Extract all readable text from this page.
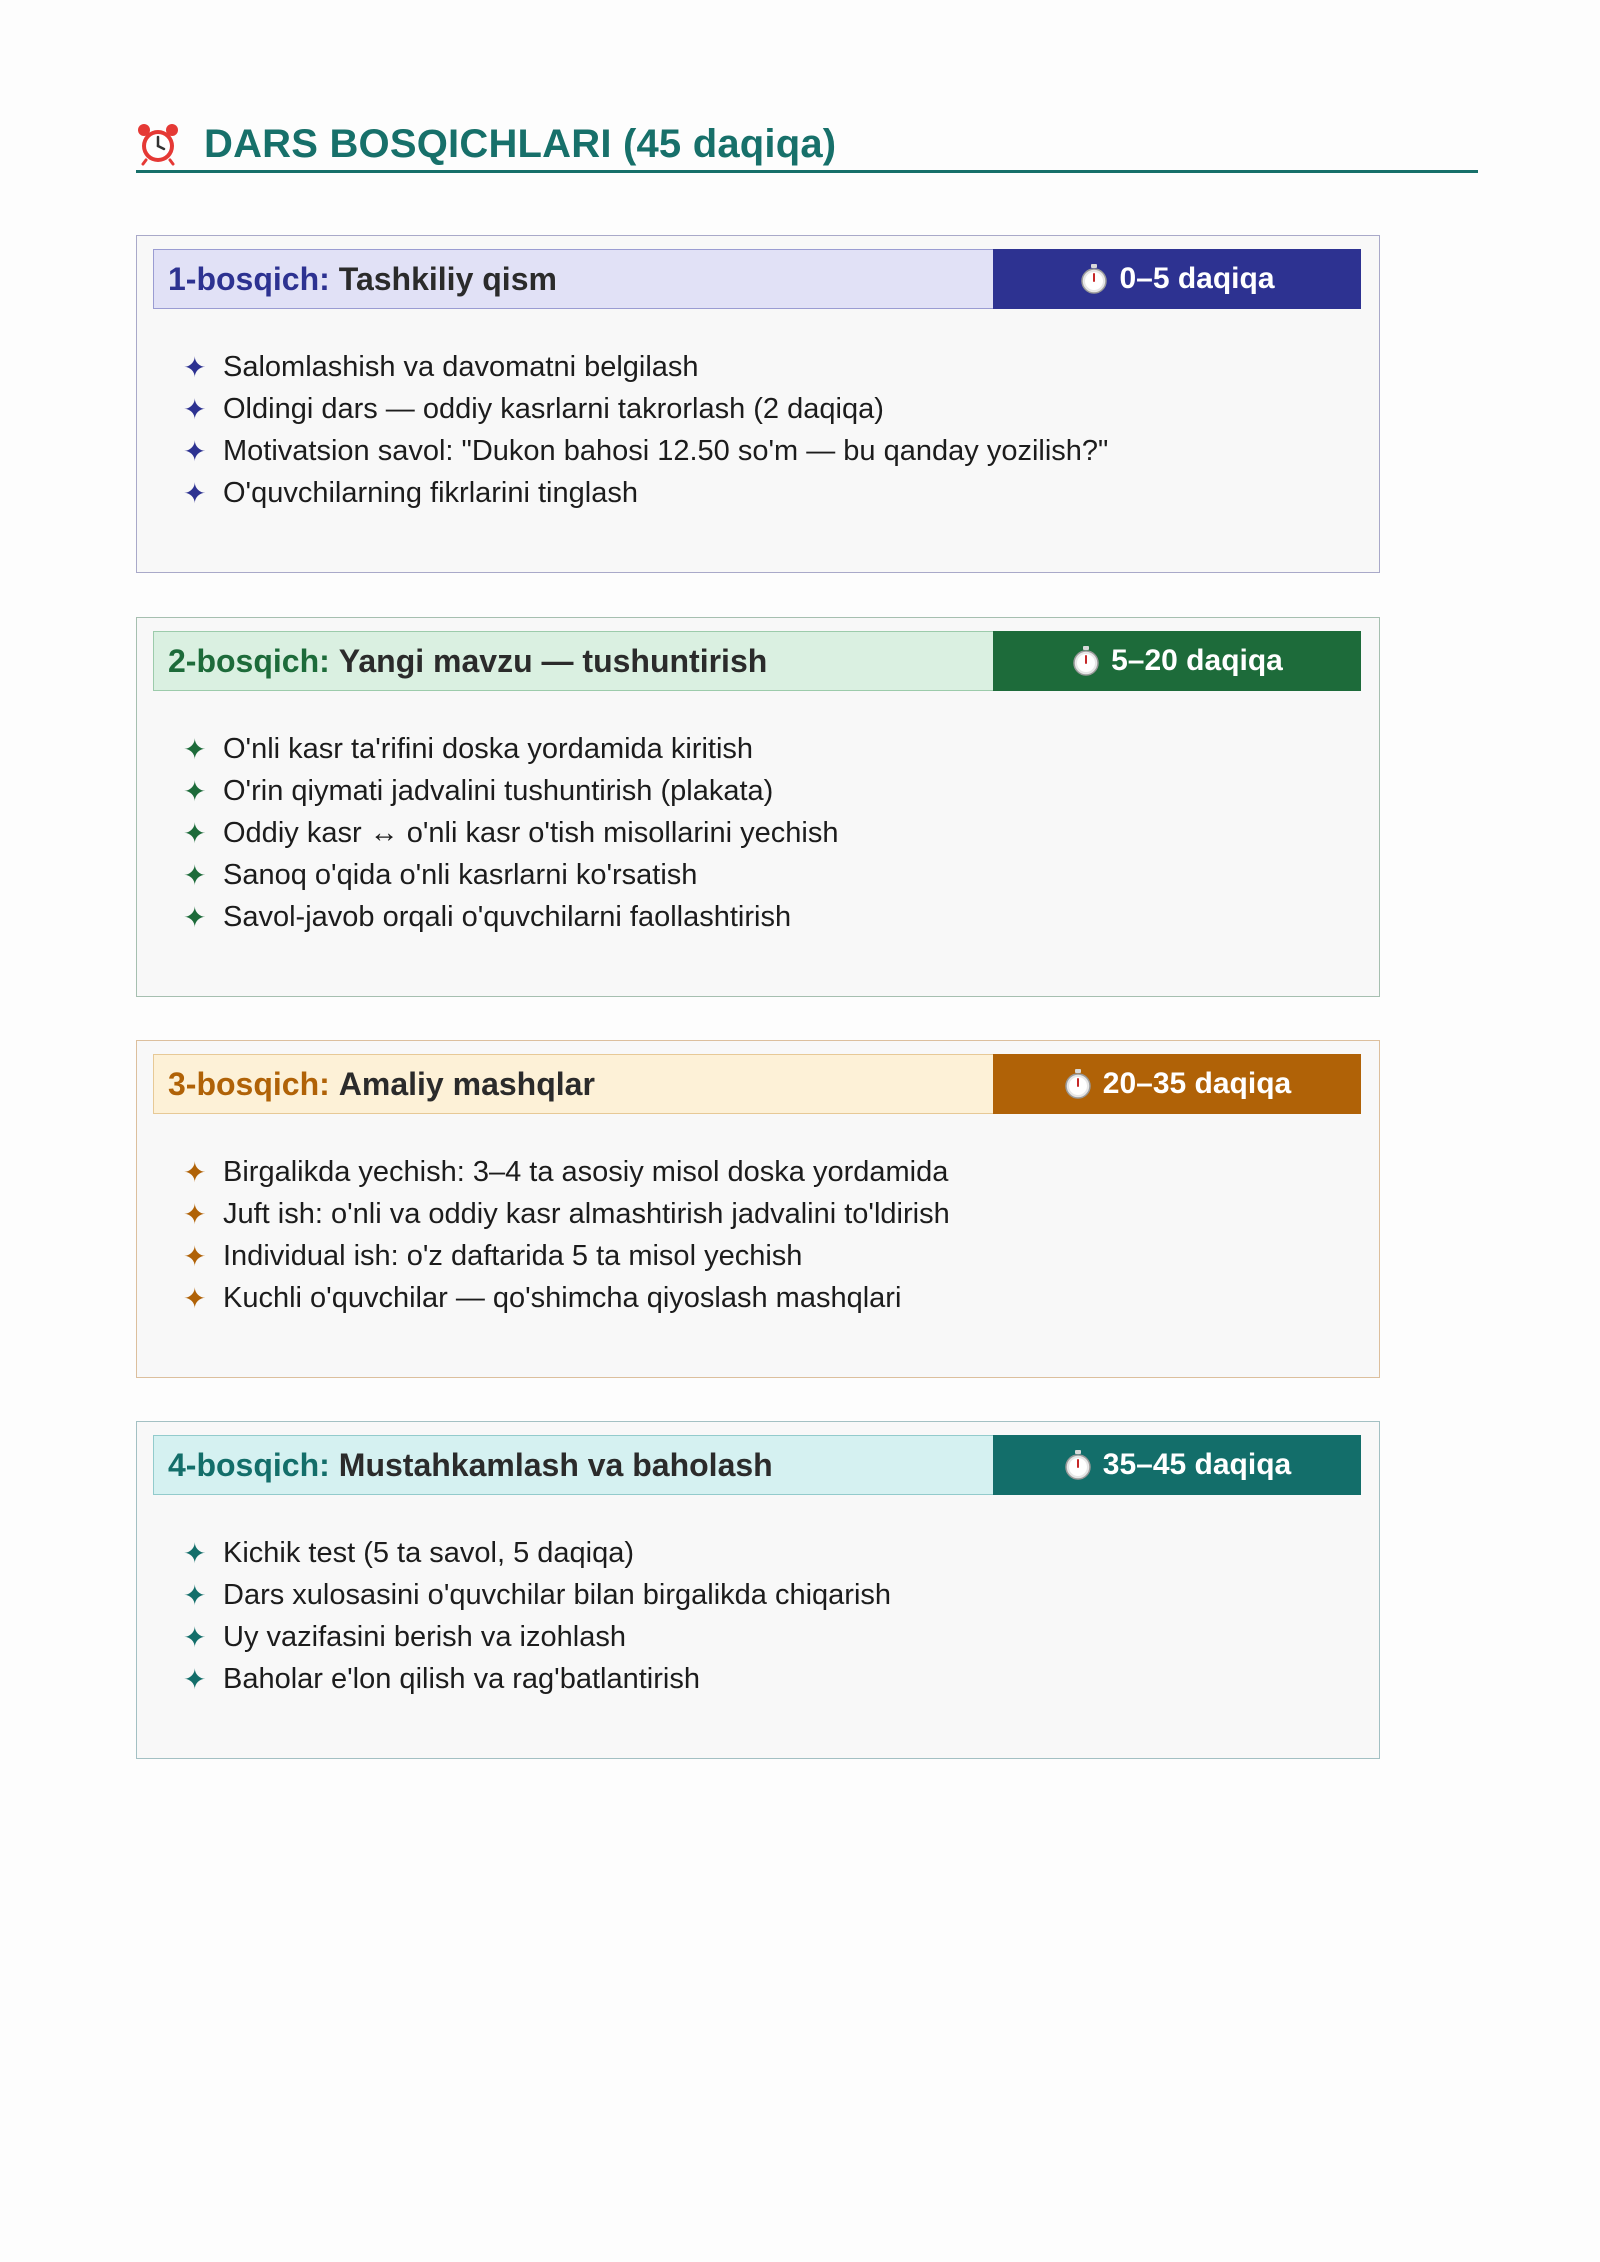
DARS BOSQICHLARI (45 daqiqa)
1-bosqich: Tashkiliy qism	0–5 daqiqa
✦ Salomlashish va davomatni belgilash
✦ Oldingi dars — oddiy kasrlarni takrorlash (2 daqiqa)
✦ Motivatsion savol: "Dukon bahosi 12.50 so'm — bu qanday yozilish?"
✦ O'quvchilarning fikrlarini tinglash
2-bosqich: Yangi mavzu — tushuntirish	5–20 daqiqa
✦ O'nli kasr ta'rifini doska yordamida kiritish
✦ O'rin qiymati jadvalini tushuntirish (plakata)
✦ Oddiy kasr ↔ o'nli kasr o'tish misollarini yechish
✦ Sanoq o'qida o'nli kasrlarni ko'rsatish
✦ Savol-javob orqali o'quvchilarni faollashtirish
3-bosqich: Amaliy mashqlar	20–35 daqiqa
✦ Birgalikda yechish: 3–4 ta asosiy misol doska yordamida
✦ Juft ish: o'nli va oddiy kasr almashtirish jadvalini to'ldirish
✦ Individual ish: o'z daftarida 5 ta misol yechish
✦ Kuchli o'quvchilar — qo'shimcha qiyoslash mashqlari
4-bosqich: Mustahkamlash va baholash	35–45 daqiqa
✦ Kichik test (5 ta savol, 5 daqiqa)
✦ Dars xulosasini o'quvchilar bilan birgalikda chiqarish
✦ Uy vazifasini berish va izohlash
✦ Baholar e'lon qilish va rag'batlantirish
